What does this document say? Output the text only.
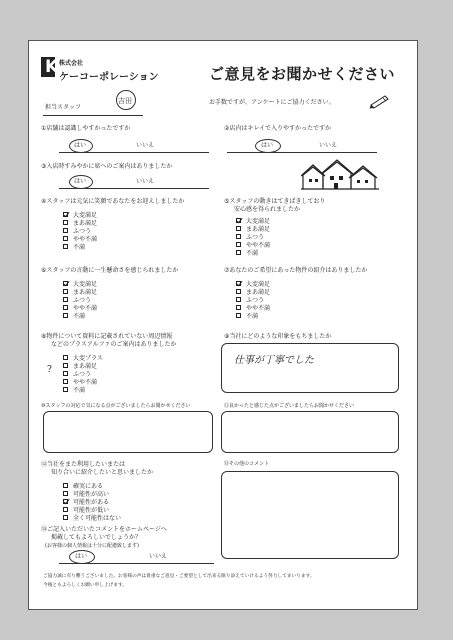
K 株式会社
ケーコーポレーション	ご意見をお聞かせください
担当スタッフ
吉田	お手数ですが、アンケートにご協力ください。
①店舗は認識しやすかったですか
はい	いいえ
②店内はキレイで入りやすかったですか
はい	いいえ
③入店時すみやかに席へのご案内はありましたか
はい	いいえ
④スタッフは元気に笑顔であなたをお迎えしましたか
大変満足
まあ満足
ふつう
やや不満
不満
⑤スタッフの動きはてきぱきしており
安心感を得られましたか
大変満足
まあ満足
ふつう
やや不満
不満
⑥スタッフの言動に一生懸命さを感じられましたか
大変満足
まあ満足
ふつう
やや不満
不満
⑦あなたのご希望にあった物件の紹介はありましたか
大変満足
まあ満足
ふつう
やや不満
不満
⑧物件について資料に記載されていない周辺情報
などのプラスアルファのご案内はありましたか
?
大変プラス
まあ満足
ふつう
やや不満
不満
⑨当社にどのような印象をもちましたか
仕事が丁寧でした
⑩スタッフの対応で気になる点がございましたらお聞かせください	⑪良かったと感じた点がございましたらお聞かせください
⑫当社をまた利用したいまたは
知り合いに紹介したいと思いましたか
確実にある
可能性が高い
可能性がある
可能性が低い
全く可能性はない
⑬その他のコメント
⑭ご記入いただいたコメントをホームページへ
掲載してもよろしいでしょうか？
(お客様の個人情報は十分に配慮致します)
はい	いいえ
ご協力誠に有り難うございました。お客様の声は貴重なご意見・ご要望として出来る限り添えていけるよう努力してまいります。
今後ともよろしくお願い申し上げます。
